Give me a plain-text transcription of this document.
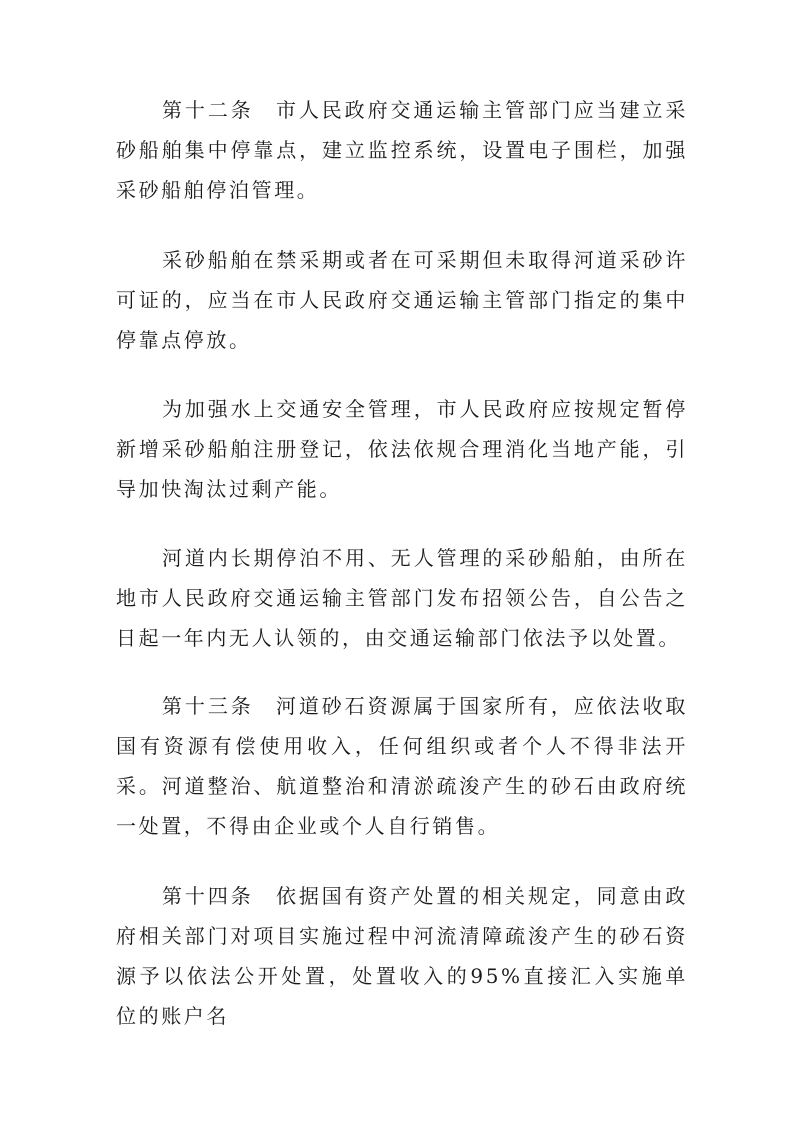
第十二条 市人民政府交通运输主管部门应当建立采砂船舶集中停靠点，建立监控系统，设置电子围栏，加强采砂船舶停泊管理。

采砂船舶在禁采期或者在可采期但未取得河道采砂许可证的，应当在市人民政府交通运输主管部门指定的集中停靠点停放。

为加强水上交通安全管理，市人民政府应按规定暂停新增采砂船舶注册登记，依法依规合理消化当地产能，引导加快淘汰过剩产能。

河道内长期停泊不用、无人管理的采砂船舶，由所在地市人民政府交通运输主管部门发布招领公告，自公告之日起一年内无人认领的，由交通运输部门依法予以处置。

第十三条 河道砂石资源属于国家所有，应依法收取国有资源有偿使用收入，任何组织或者个人不得非法开采。河道整治、航道整治和清淤疏浚产生的砂石由政府统一处置，不得由企业或个人自行销售。

第十四条 依据国有资产处置的相关规定，同意由政府相关部门对项目实施过程中河流清障疏浚产生的砂石资源予以依法公开处置，处置收入的95%直接汇入实施单位的账户名
